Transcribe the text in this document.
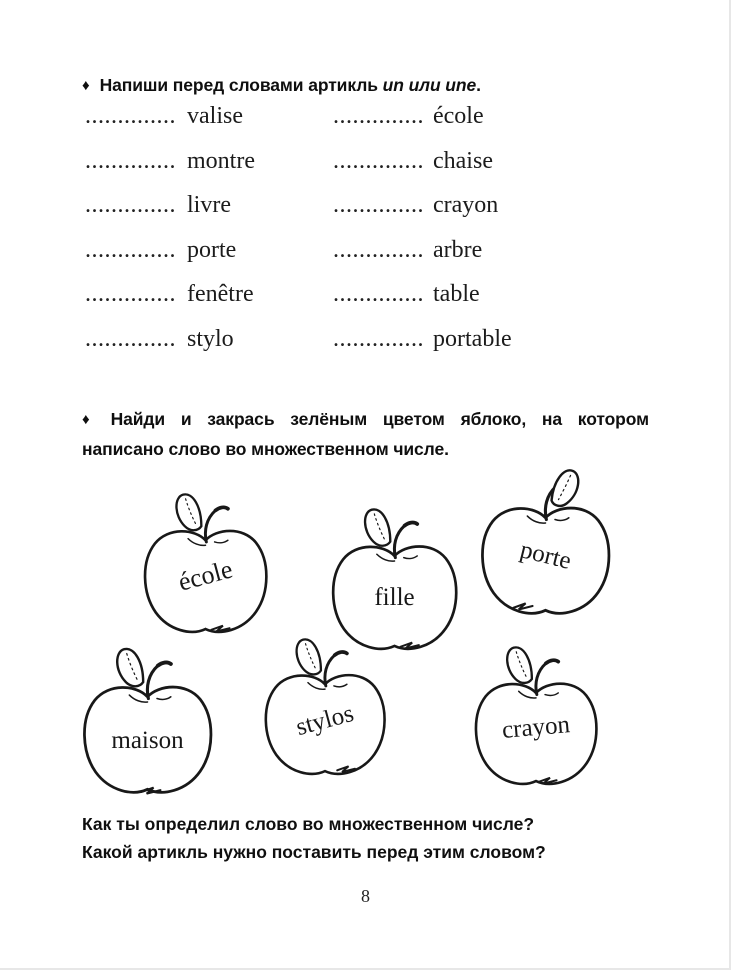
♦ Напиши перед словами артикль un или une.
.............. valise	.............. école
.............. montre	.............. chaise
.............. livre	.............. crayon
.............. porte	.............. arbre
.............. fenêtre	.............. table
.............. stylo	.............. portable
♦ Найди и закрась зелёным цветом яблоко, на котором
написано слово во множественном числе.
école
fille
porte
maison	stylos	crayon

Как ты определил слово во множественном числе?

Какой артикль нужно поставить перед этим словом?

8
